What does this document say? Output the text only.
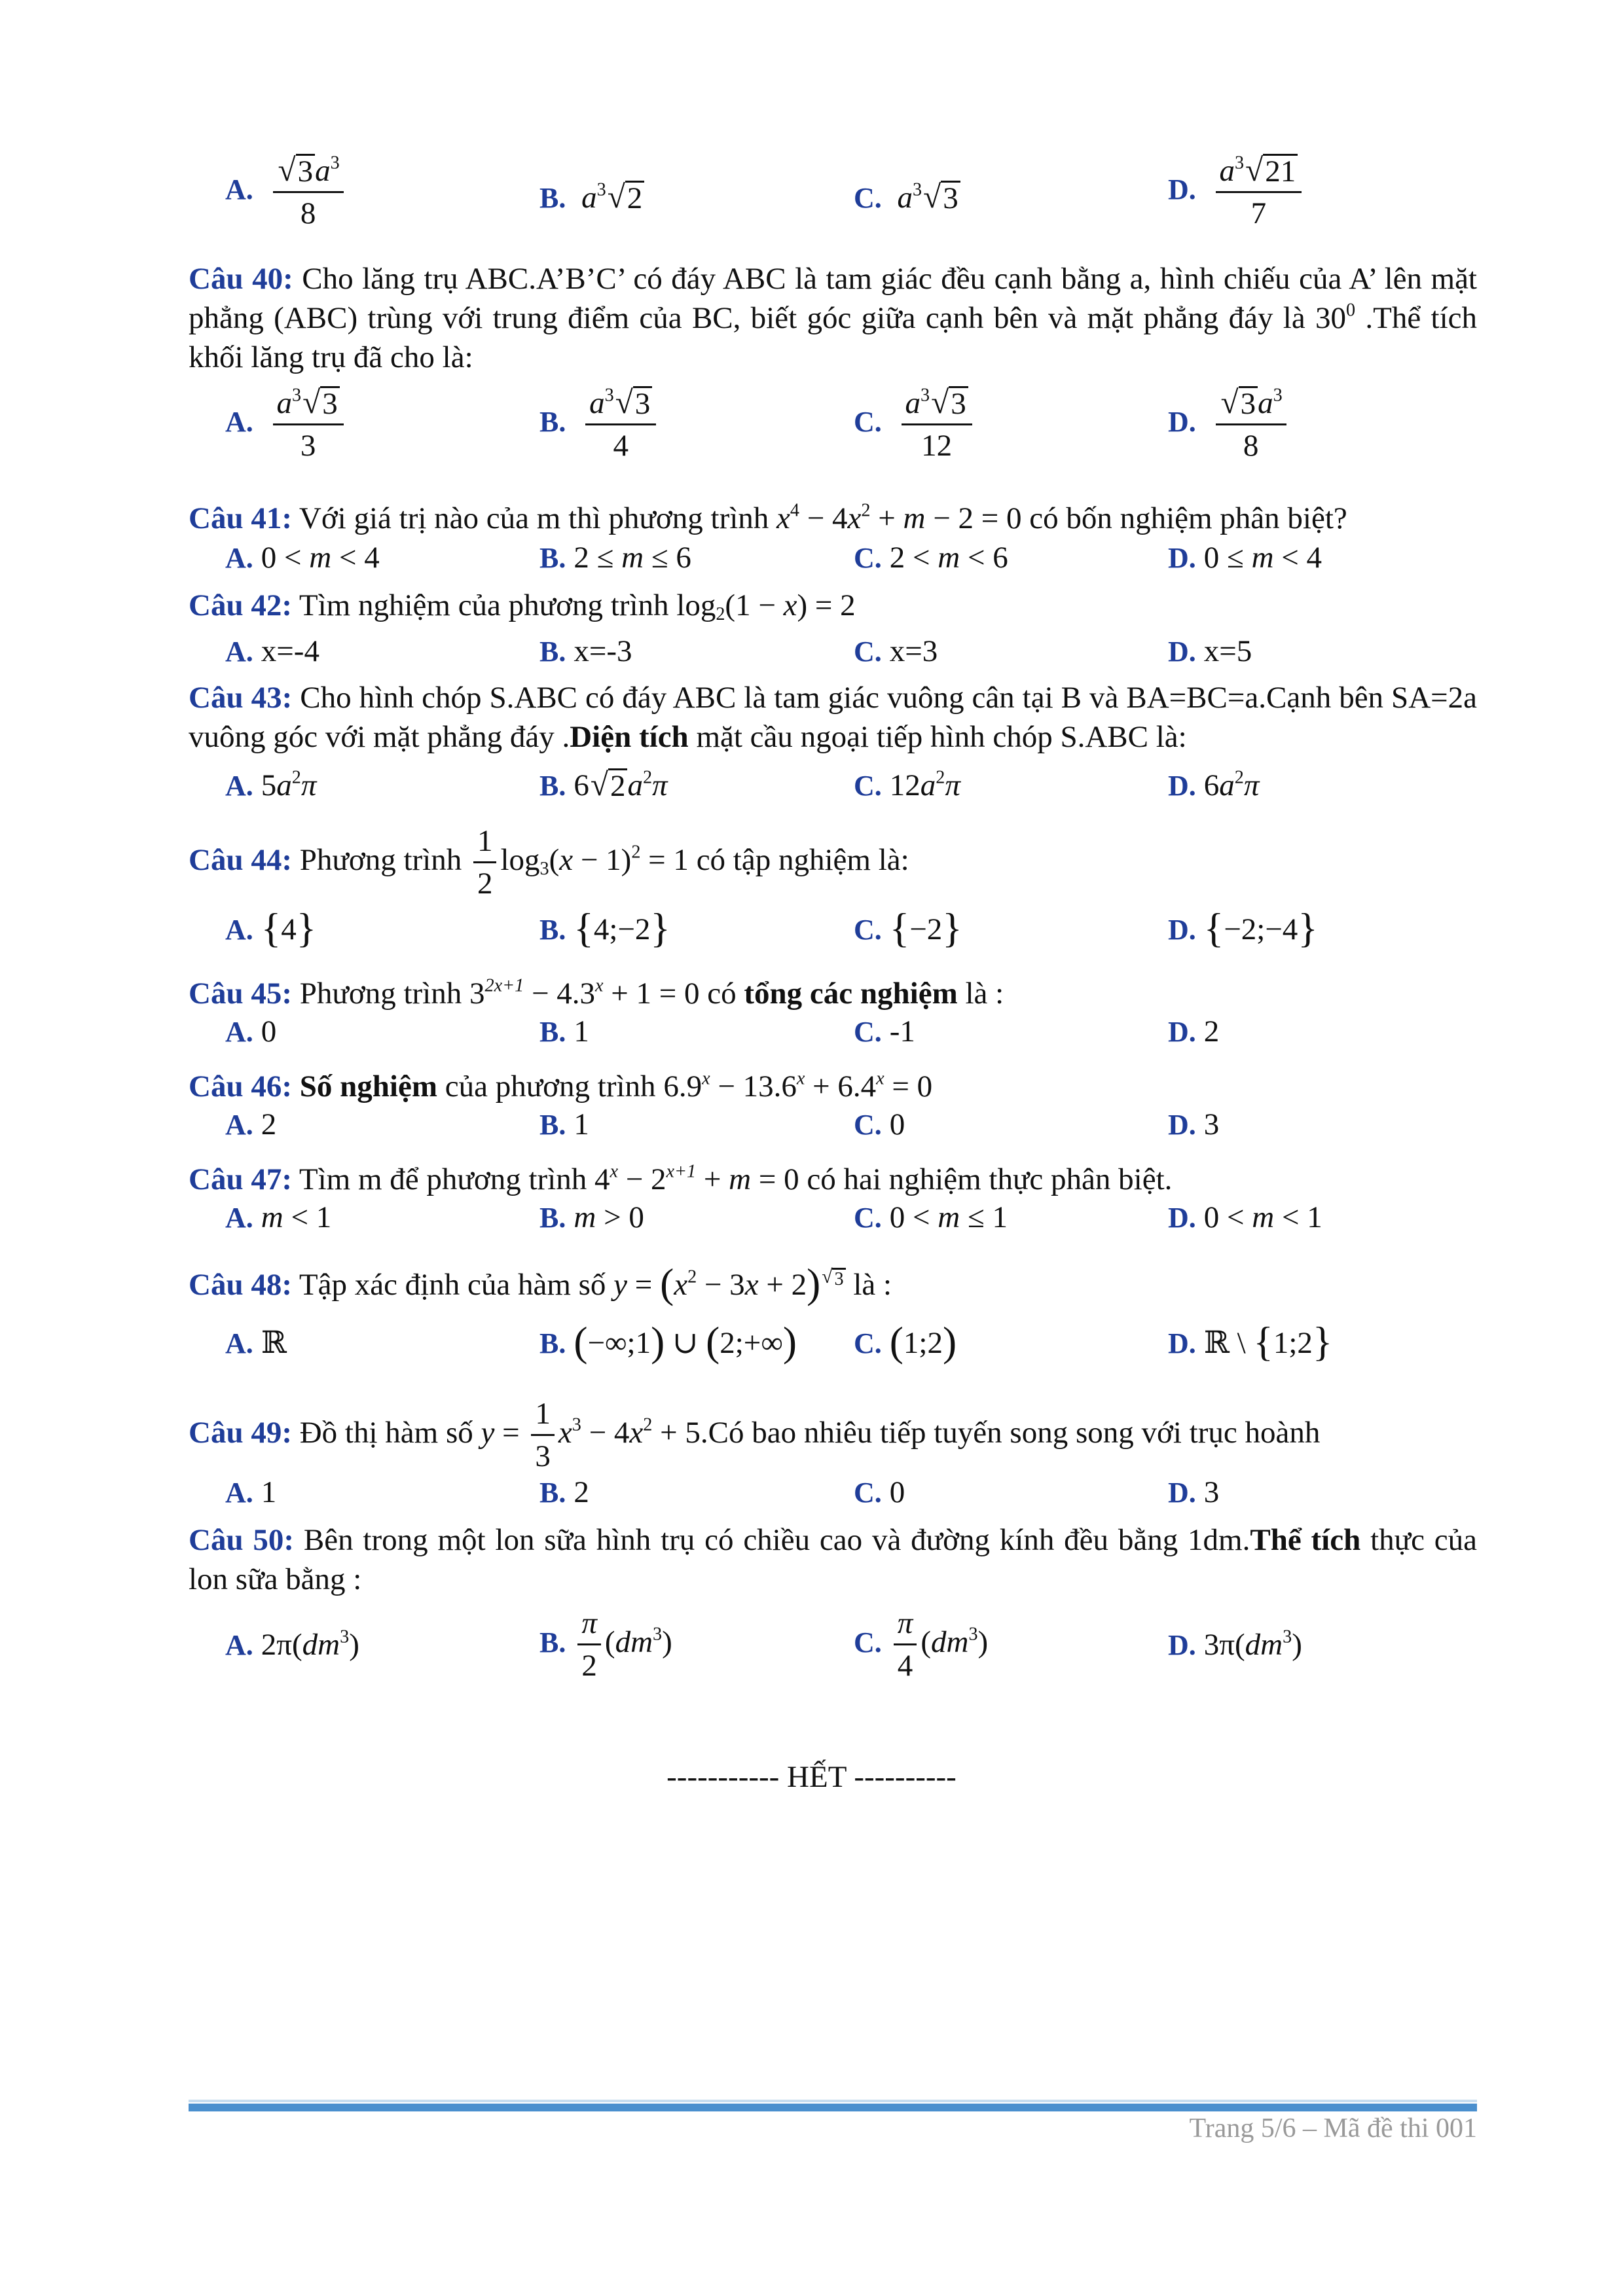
A. $\frac{√ 3 a^3}{8}$	B. $a^3$ √ 2	C. $a^3$ √ 3	D. $\frac{a^3 √ 21}{7}$
Câu 40: Cho lăng trụ ABC.A’B’C’ có đáy ABC là tam giác đều cạnh bằng a, hình chiếu của A’ lên mặt phẳng (ABC) trùng với trung điểm của BC, biết góc giữa cạnh bên và mặt phẳng đáy là $30^0$ .Thể tích khối lăng trụ đã cho là:
A. $\frac{a^3 √ 3}{3}$	B. $\frac{a^3 √ 3}{4}$	C. $\frac{a^3 √ 3}{12}$	D. $\frac{√ 3 a^3}{8}$
Câu 41: Với giá trị nào của m thì phương trình $x^4 - 4x^2 + m - 2 = 0$ có bốn nghiệm phân biệt?
A. 0 < m < 4	B. 2 ≤ m ≤ 6	C. 2 < m < 6	D. 0 ≤ m < 4
Câu 42: Tìm nghiệm của phương trình $\log_2(1 - x) = 2$
A. x=-4	B. x=-3	C. x=3	D. x=5
Câu 43: Cho hình chóp S.ABC có đáy ABC là tam giác vuông cân tại B và BA=BC=a.Cạnh bên SA=2a vuông góc với mặt phẳng đáy .Diện tích mặt cầu ngoại tiếp hình chóp S.ABC là:
A. $5a^2\pi$	B. 6 √ 2 $a^2\pi$	C. $12a^2\pi$	D. $6a^2\pi$
Câu 44: Phương trình $\frac{1}{2} \log_3(x - 1)^2 = 1$ có tập nghiệm là:
A. {4}	B. {4;−2}	C. {−2}	D. {−2;−4}
Câu 45: Phương trình $3^{2x+1} - 4.3^x + 1 = 0$ có tổng các nghiệm là :
A. 0	B. 1	C. -1	D. 2
Câu 46: Số nghiệm của phương trình $6.9^x - 13.6^x + 6.4^x = 0$
A. 2	B. 1	C. 0	D. 3
Câu 47: Tìm m để phương trình $4^x - 2^{x+1} + m = 0$ có hai nghiệm thực phân biệt.
A. m < 1	B. m > 0	C. 0 < m ≤ 1	D. 0 < m < 1
Câu 48: Tập xác định của hàm số $y = (x^2 - 3x + 2)$ $^{√ 3}$ là :
A. ℝ	B. (−∞;1) ∪ (2;+∞) C. (1;2)	D. ℝ \ {1;2}
Câu 49: Đồ thị hàm số $y = \frac{1}{3} x^3 - 4x^2$ + 5.Có bao nhiêu tiếp tuyến song song với trục hoành
A. 1	B. 2	C. 0	D. 3
Câu 50: Bên trong một lon sữa hình trụ có chiều cao và đường kính đều bằng 1dm.Thể tích thực của lon sữa bằng :
A. $2\pi(dm^3)$	B. $\frac{\pi}{2} (dm^3)$	C. $\frac{\pi}{4} (dm^3)$	D. $3\pi(dm^3)$
----------- HẾT ----------
Trang 5/6 – Mã đề thi 001
